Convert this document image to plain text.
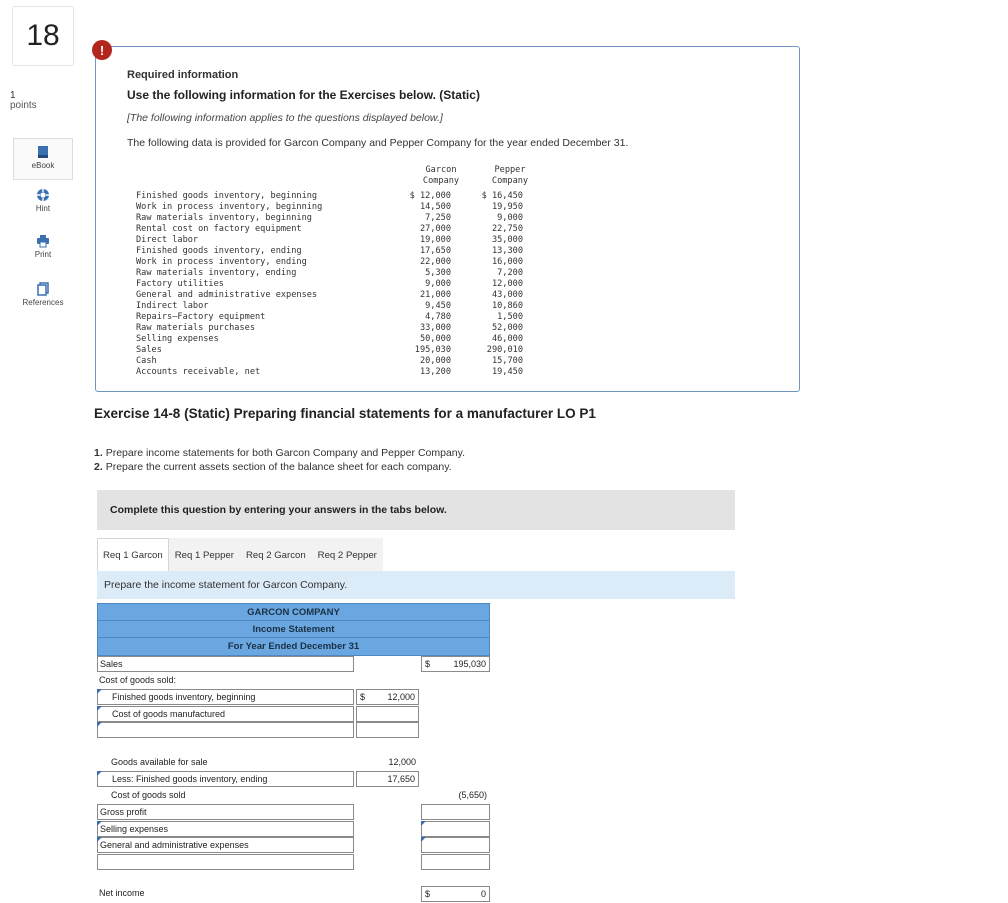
18
1
points
eBook
Hint
Print
References
!
Required information
Use the following information for the Exercises below. (Static)
[The following information applies to the questions displayed below.]
The following data is provided for Garcon Company and Pepper Company for the year ended December 31.
Garcon
Company
Pepper
Company
Finished goods inventory, beginning	$ 12,000	$ 16,450
Work in process inventory, beginning	14,500	19,950
Raw materials inventory, beginning	7,250	9,000
Rental cost on factory equipment	27,000	22,750
Direct labor	19,000	35,000
Finished goods inventory, ending	17,650	13,300
Work in process inventory, ending	22,000	16,000
Raw materials inventory, ending	5,300	7,200
Factory utilities	9,000	12,000
General and administrative expenses	21,000	43,000
Indirect labor	9,450	10,860
Repairs—Factory equipment	4,780	1,500
Raw materials purchases	33,000	52,000
Selling expenses	50,000	46,000
Sales	195,030	290,010
Cash	20,000	15,700
Accounts receivable, net	13,200	19,450
Exercise 14-8 (Static) Preparing financial statements for a manufacturer LO P1
1. Prepare income statements for both Garcon Company and Pepper Company.
2. Prepare the current assets section of the balance sheet for each company.
Complete this question by entering your answers in the tabs below.
Req 1 Garcon	Req 1 Pepper	Req 2 Garcon	Req 2 Pepper
Prepare the income statement for Garcon Company.
GARCON COMPANY
Income Statement
For Year Ended December 31
Sales	$	195,030
Cost of goods sold:
Finished goods inventory, beginning	$ 12,000
Cost of goods manufactured
Goods available for sale	12,000
Less: Finished goods inventory, ending	17,650
Cost of goods sold	(5,650)
Gross profit
Selling expenses
General and administrative expenses
Net income	$	0
